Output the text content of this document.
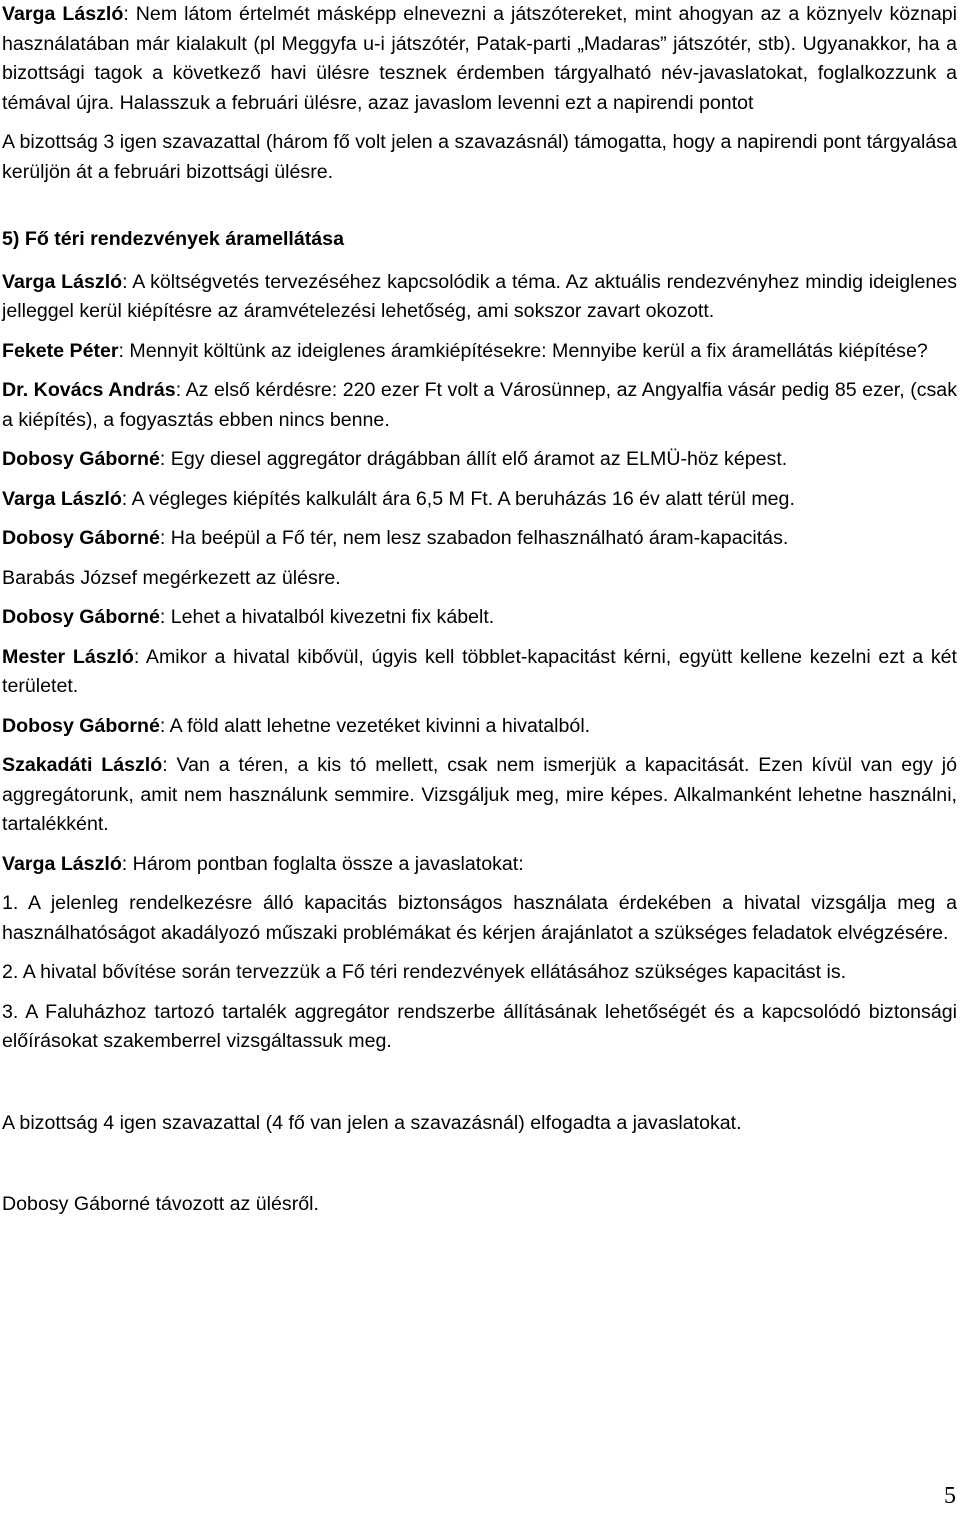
Varga László: Nem látom értelmét másképp elnevezni a játszótereket, mint ahogyan az a köznyelv köznapi használatában már kialakult (pl Meggyfa u-i játszótér, Patak-parti „Madaras” játszótér, stb). Ugyanakkor, ha a bizottsági tagok a következő havi ülésre tesznek érdemben tárgyalható név-javaslatokat, foglalkozzunk a témával újra. Halasszuk a februári ülésre, azaz javaslom levenni ezt a napirendi pontot

A bizottság 3 igen szavazattal (három fő volt jelen a szavazásnál) támogatta, hogy a napirendi pont tárgyalása kerüljön át a februári bizottsági ülésre.

5) Fő téri rendezvények áramellátása

Varga László: A költségvetés tervezéséhez kapcsolódik a téma. Az aktuális rendezvényhez mindig ideiglenes jelleggel kerül kiépítésre az áramvételezési lehetőség, ami sokszor zavart okozott.

Fekete Péter: Mennyit költünk az ideiglenes áramkiépítésekre: Mennyibe kerül a fix áramellátás kiépítése?

Dr. Kovács András: Az első kérdésre: 220 ezer Ft volt a Városünnep, az Angyalfia vásár pedig 85 ezer, (csak a kiépítés), a fogyasztás ebben nincs benne.

Dobosy Gáborné: Egy diesel aggregátor drágábban állít elő áramot az ELMÜ-höz képest.

Varga László: A végleges kiépítés kalkulált ára 6,5 M Ft. A beruházás 16 év alatt térül meg.

Dobosy Gáborné: Ha beépül a Fő tér, nem lesz szabadon felhasználható áram-kapacitás.

Barabás József megérkezett az ülésre.

Dobosy Gáborné: Lehet a hivatalból kivezetni fix kábelt.

Mester László: Amikor a hivatal kibővül, úgyis kell többlet-kapacitást kérni, együtt kellene kezelni ezt a két területet.

Dobosy Gáborné: A föld alatt lehetne vezetéket kivinni a hivatalból.

Szakadáti László: Van a téren, a kis tó mellett, csak nem ismerjük a kapacitását. Ezen kívül van egy jó aggregátorunk, amit nem használunk semmire. Vizsgáljuk meg, mire képes. Alkalmanként lehetne használni, tartalékként.

Varga László: Három pontban foglalta össze a javaslatokat:

1. A jelenleg rendelkezésre álló kapacitás biztonságos használata érdekében a hivatal vizsgálja meg a használhatóságot akadályozó műszaki problémákat és kérjen árajánlatot a szükséges feladatok elvégzésére.

2. A hivatal bővítése során tervezzük a Fő téri rendezvények ellátásához szükséges kapacitást is.

3. A Faluházhoz tartozó tartalék aggregátor rendszerbe állításának lehetőségét és a kapcsolódó biztonsági előírásokat szakemberrel vizsgáltassuk meg.

A bizottság 4 igen szavazattal (4 fő van jelen a szavazásnál) elfogadta a javaslatokat.

Dobosy Gáborné távozott az ülésről.

5
